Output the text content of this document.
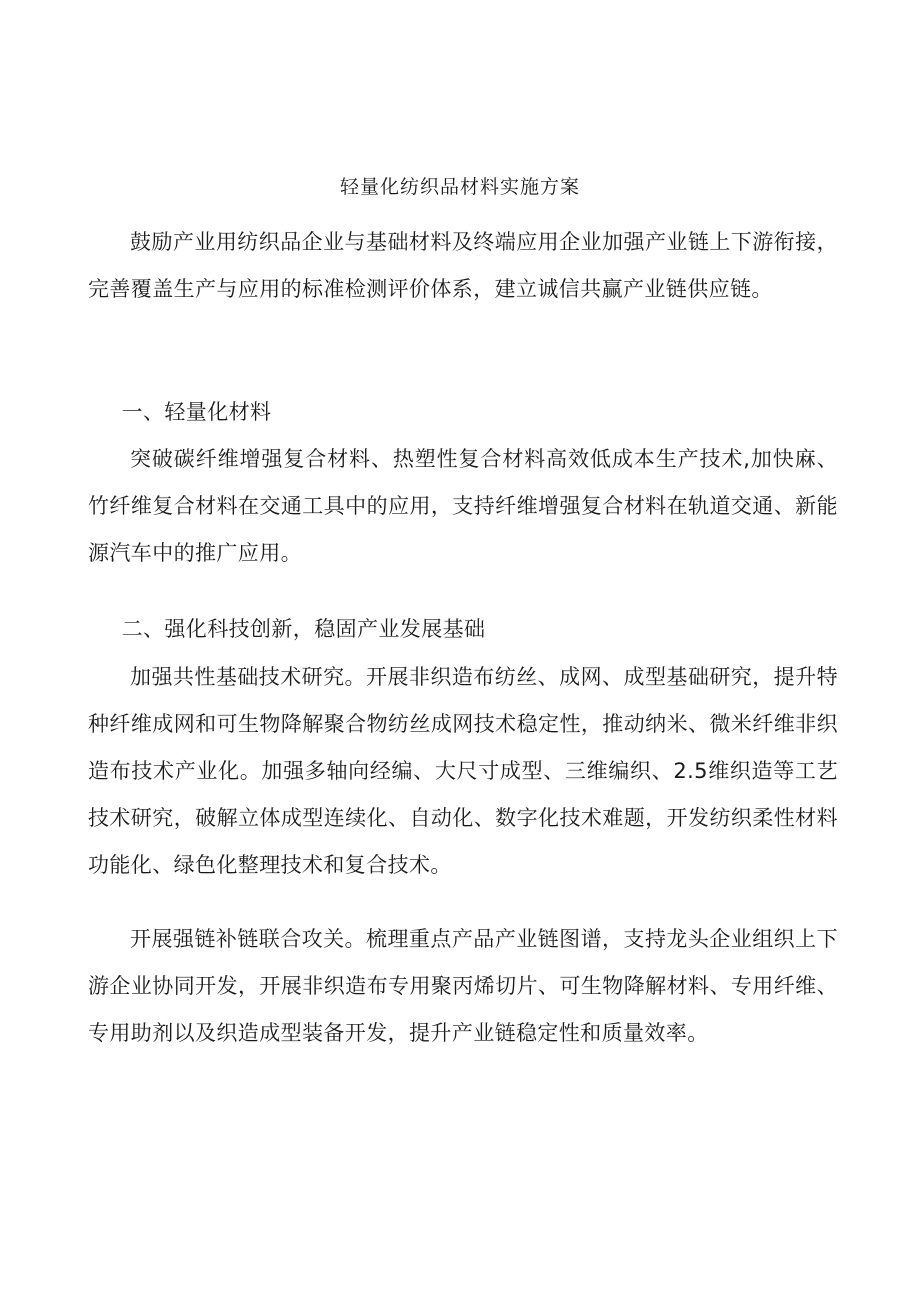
轻量化纺织品材料实施方案

鼓励产业用纺织品企业与基础材料及终端应用企业加强产业链上下游衔接，完善覆盖生产与应用的标准检测评价体系，建立诚信共赢产业链供应链。

一、轻量化材料

突破碳纤维增强复合材料、热塑性复合材料高效低成本生产技术,加快麻、竹纤维复合材料在交通工具中的应用，支持纤维增强复合材料在轨道交通、新能源汽车中的推广应用。

二、强化科技创新，稳固产业发展基础

加强共性基础技术研究。开展非织造布纺丝、成网、成型基础研究，提升特种纤维成网和可生物降解聚合物纺丝成网技术稳定性，推动纳米、微米纤维非织造布技术产业化。加强多轴向经编、大尺寸成型、三维编织、2.5维织造等工艺技术研究，破解立体成型连续化、自动化、数字化技术难题，开发纺织柔性材料功能化、绿色化整理技术和复合技术。

开展强链补链联合攻关。梳理重点产品产业链图谱，支持龙头企业组织上下游企业协同开发，开展非织造布专用聚丙烯切片、可生物降解材料、专用纤维、专用助剂以及织造成型装备开发，提升产业链稳定性和质量效率。
